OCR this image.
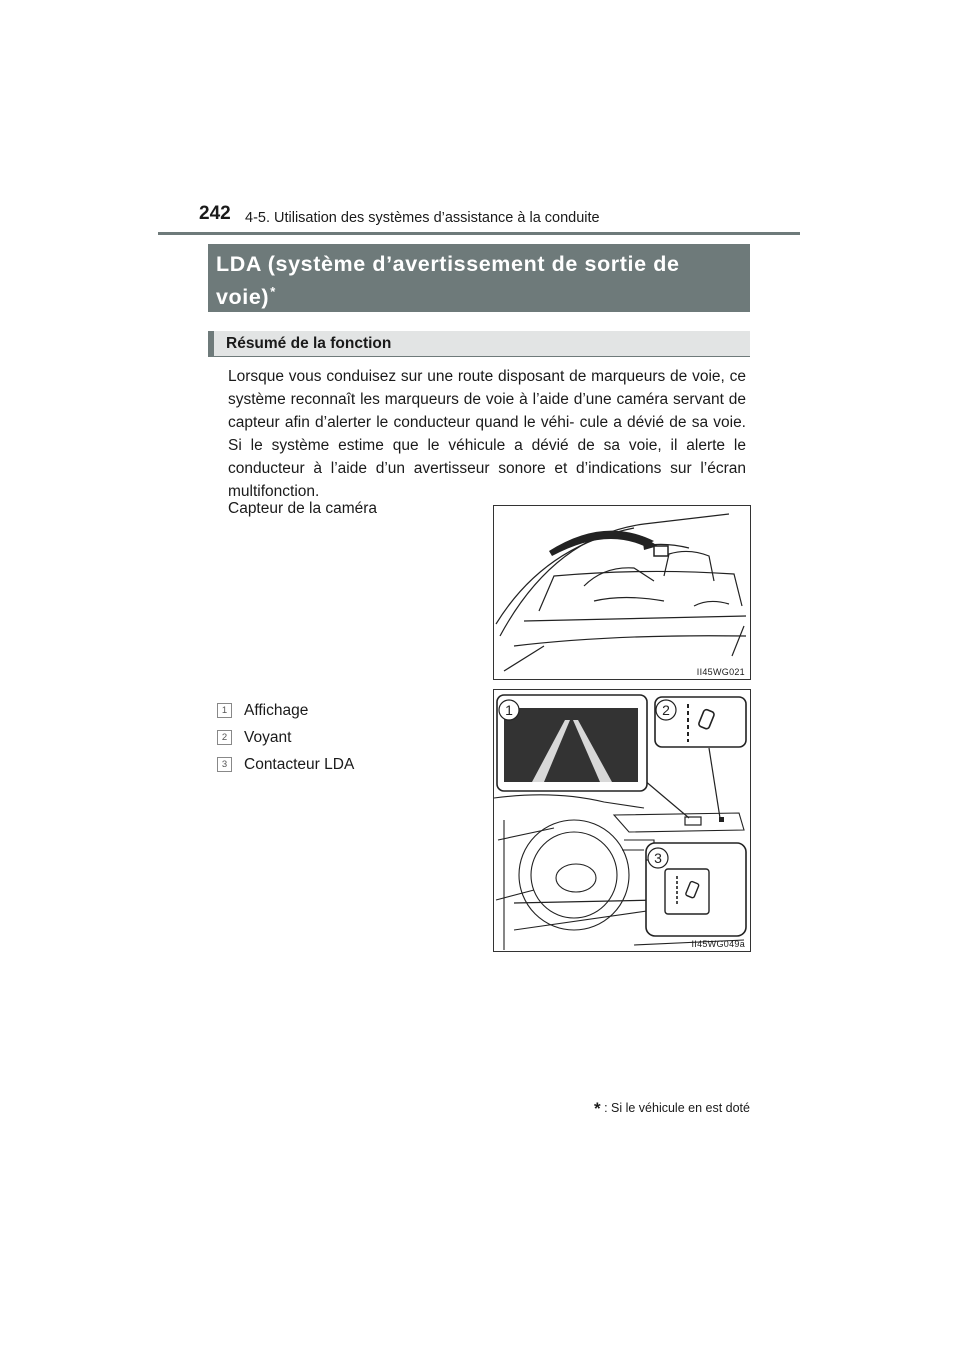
242 4-5. Utilisation des systèmes d’assistance à la conduite
LDA (système d’avertissement de sortie de voie)*
Résumé de la fonction
Lorsque vous conduisez sur une route disposant de marqueurs de voie, ce système reconnaît les marqueurs de voie à l’aide d’une caméra servant de capteur afin d’alerter le conducteur quand le véhi- cule a dévié de sa voie. Si le système estime que le véhicule a dévié de sa voie, il alerte le conducteur à l’aide d’un avertisseur sonore et d’indications sur l’écran multifonction.
Capteur de la caméra
II45WG021
1	Affichage
2	Voyant
3	Contacteur LDA
1	2
3
II45WG049a
* : Si le véhicule en est doté
